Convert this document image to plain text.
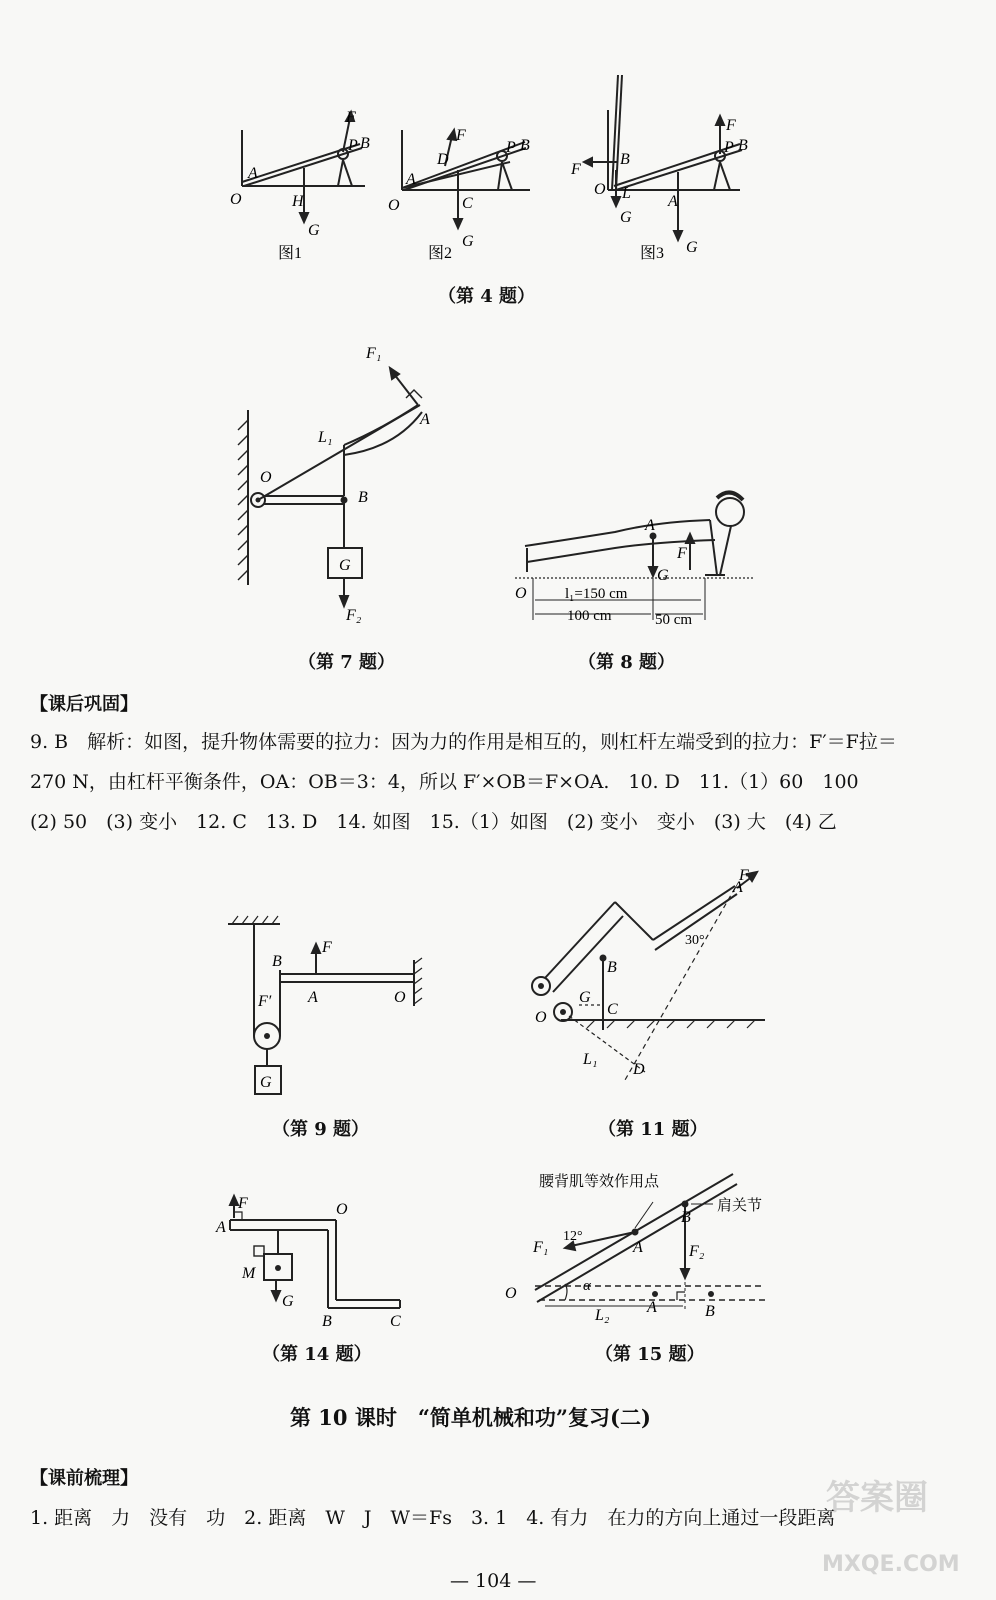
O
A
H
G
F
P B
图1
O
A
D
C
G
F
P B
图2
B
F
O L
G
A
G
F
P B
图3
（第 4 题）
F₁
A
L₁
O
B
G
F₂
（第 7 题）
A
F
G
O	l₁=150 cm
100 cm	50 cm
（第 8 题）
【课后巩固】
9. B　解析：如图，提升物体需要的拉力：因为力的作用是相互的，则杠杆左端受到的拉力：F′＝F拉＝
270 N，由杠杆平衡条件，OA：OB＝3：4，所以 F′×OB＝F×OA.　10. D　11.（1）60　100
(2) 50　(3) 变小　12. C　13. D　14. 如图　15.（1）如图　(2) 变小　变小　(3) 大　(4) 乙
B
F
A	O
F′
G
（第 9 题）
A
F
30°
B
G
C
O
L₁
D
（第 11 题）
F
A
O
M
G
B	C
（第 14 题）
腰背肌等效作用点
肩关节
B
F₁
12°
A	F₂
α
O
A	B
L₂
（第 15 题）
第 10 课时　“简单机械和功”复习(二)
【课前梳理】
1. 距离　力　没有　功　2. 距离　W　J　W＝Fs　3. 1　4. 有力　在力的方向上通过一段距离
— 104 —
答案圈
MXQE.COM
